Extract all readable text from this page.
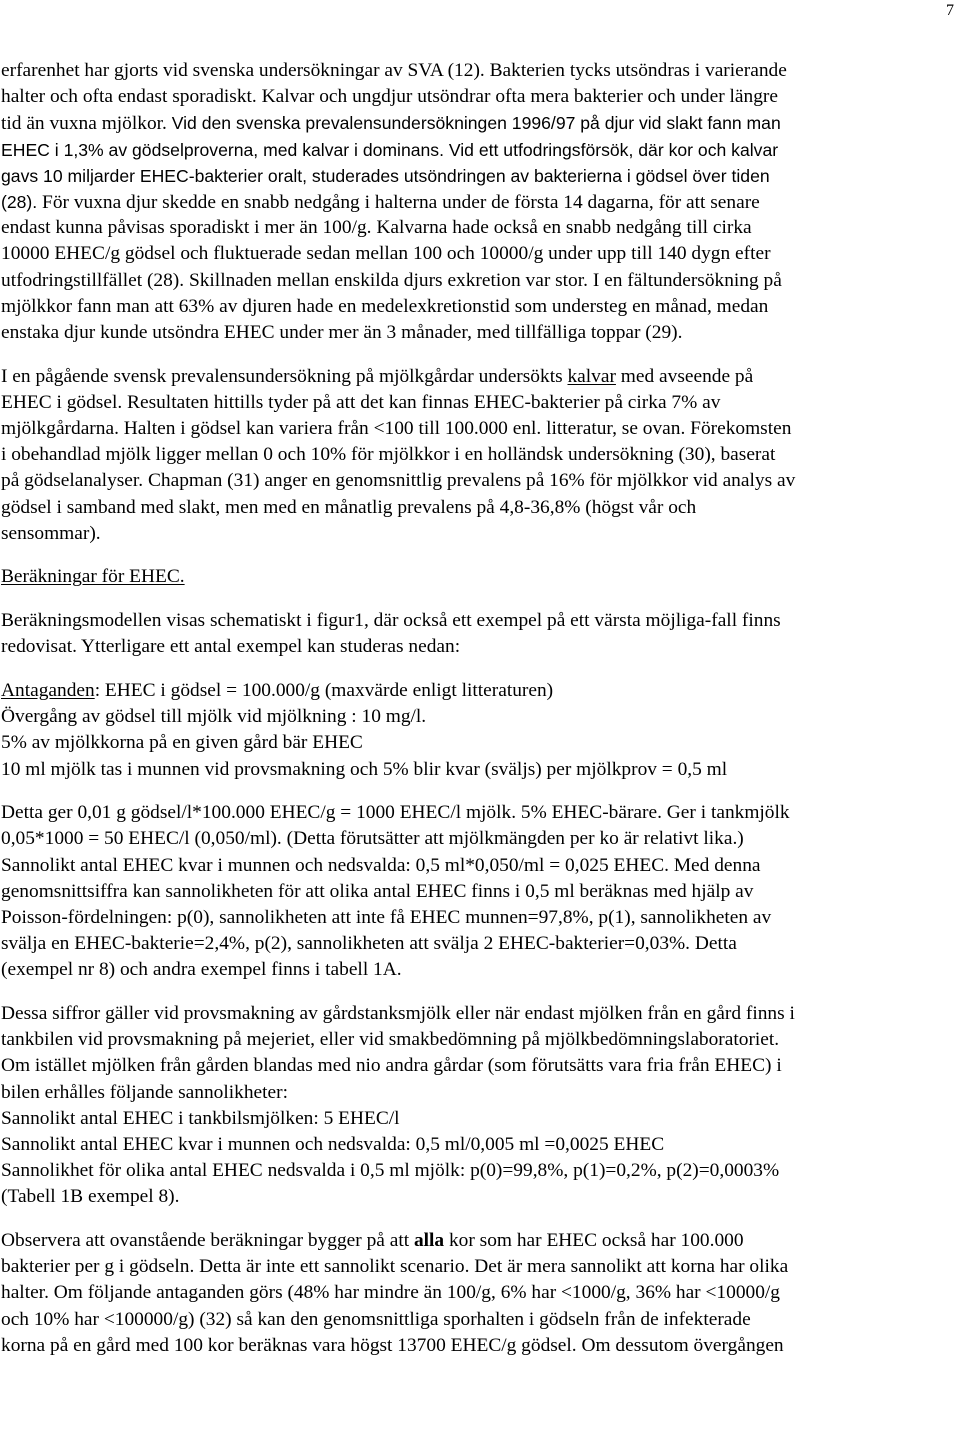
7
erfarenhet har gjorts vid svenska undersökningar av SVA (12). Bakterien tycks utsöndras i varierande
halter och ofta endast sporadiskt. Kalvar och ungdjur utsöndrar ofta mera bakterier och under längre
tid än vuxna mjölkor. Vid den svenska prevalensundersökningen 1996/97 på djur vid slakt fann man
EHEC i 1,3% av gödselproverna, med kalvar i dominans. Vid ett utfodringsförsök, där kor och kalvar
gavs 10 miljarder EHEC-bakterier oralt, studerades utsöndringen av bakterierna i gödsel över tiden
(28). För vuxna djur skedde en snabb nedgång i halterna under de första 14 dagarna, för att senare
endast kunna påvisas sporadiskt i mer än 100/g. Kalvarna hade också en snabb nedgång till cirka
10000 EHEC/g gödsel och fluktuerade sedan mellan 100 och 10000/g under upp till 140 dygn efter
utfodringstillfället (28). Skillnaden mellan enskilda djurs exkretion var stor. I en fältundersökning på
mjölkkor fann man att 63% av djuren hade en medelexkretionstid som understeg en månad, medan
enstaka djur kunde utsöndra EHEC under mer än 3 månader, med tillfälliga toppar (29).
I en pågående svensk prevalensundersökning på mjölkgårdar undersökts kalvar med avseende på
EHEC i gödsel. Resultaten hittills tyder på att det kan finnas EHEC-bakterier på cirka 7% av
mjölkgårdarna. Halten i gödsel kan variera från <100 till 100.000 enl. litteratur, se ovan. Förekomsten
i obehandlad mjölk ligger mellan 0 och 10% för mjölkkor i en holländsk undersökning (30), baserat
på gödselanalyser. Chapman (31) anger en genomsnittlig prevalens på 16% för mjölkkor vid analys av
gödsel i samband med slakt, men med en månatlig prevalens på 4,8-36,8% (högst vår och
sensommar).
Beräkningar för EHEC.
Beräkningsmodellen visas schematiskt i figur1, där också ett exempel på ett värsta möjliga-fall finns
redovisat. Ytterligare ett antal exempel kan studeras nedan:
Antaganden: EHEC i gödsel = 100.000/g (maxvärde enligt litteraturen)
Övergång av gödsel till mjölk vid mjölkning : 10 mg/l.
5% av mjölkkorna på en given gård bär EHEC
10 ml mjölk tas i munnen vid provsmakning och 5% blir kvar (sväljs) per mjölkprov = 0,5 ml
Detta ger 0,01 g gödsel/l*100.000 EHEC/g = 1000 EHEC/l mjölk. 5% EHEC-bärare. Ger i tankmjölk
0,05*1000 = 50 EHEC/l (0,050/ml). (Detta förutsätter att mjölkmängden per ko är relativt lika.)
Sannolikt antal EHEC kvar i munnen och nedsvalda: 0,5 ml*0,050/ml = 0,025 EHEC. Med denna
genomsnittsiffra kan sannolikheten för att olika antal EHEC finns i 0,5 ml beräknas med hjälp av
Poisson-fördelningen: p(0), sannolikheten att inte få EHEC munnen=97,8%, p(1), sannolikheten av
svälja en EHEC-bakterie=2,4%, p(2), sannolikheten att svälja 2 EHEC-bakterier=0,03%. Detta
(exempel nr 8) och andra exempel finns i tabell 1A.
Dessa siffror gäller vid provsmakning av gårdstanksmjölk eller när endast mjölken från en gård finns i
tankbilen vid provsmakning på mejeriet, eller vid smakbedömning på mjölkbedömningslaboratoriet.
Om istället mjölken från gården blandas med nio andra gårdar (som förutsätts vara fria från EHEC) i
bilen erhålles följande sannolikheter:
Sannolikt antal EHEC i tankbilsmjölken: 5 EHEC/l
Sannolikt antal EHEC kvar i munnen och nedsvalda: 0,5 ml/0,005 ml =0,0025 EHEC
Sannolikhet för olika antal EHEC nedsvalda i 0,5 ml mjölk: p(0)=99,8%, p(1)=0,2%, p(2)=0,0003%
(Tabell 1B exempel 8).
Observera att ovanstående beräkningar bygger på att alla kor som har EHEC också har 100.000
bakterier per g i gödseln. Detta är inte ett sannolikt scenario. Det är mera sannolikt att korna har olika
halter. Om följande antaganden görs (48% har mindre än 100/g, 6% har <1000/g, 36% har <10000/g
och 10% har <100000/g) (32) så kan den genomsnittliga sporhalten i gödseln från de infekterade
korna på en gård med 100 kor beräknas vara högst 13700 EHEC/g gödsel. Om dessutom övergången
